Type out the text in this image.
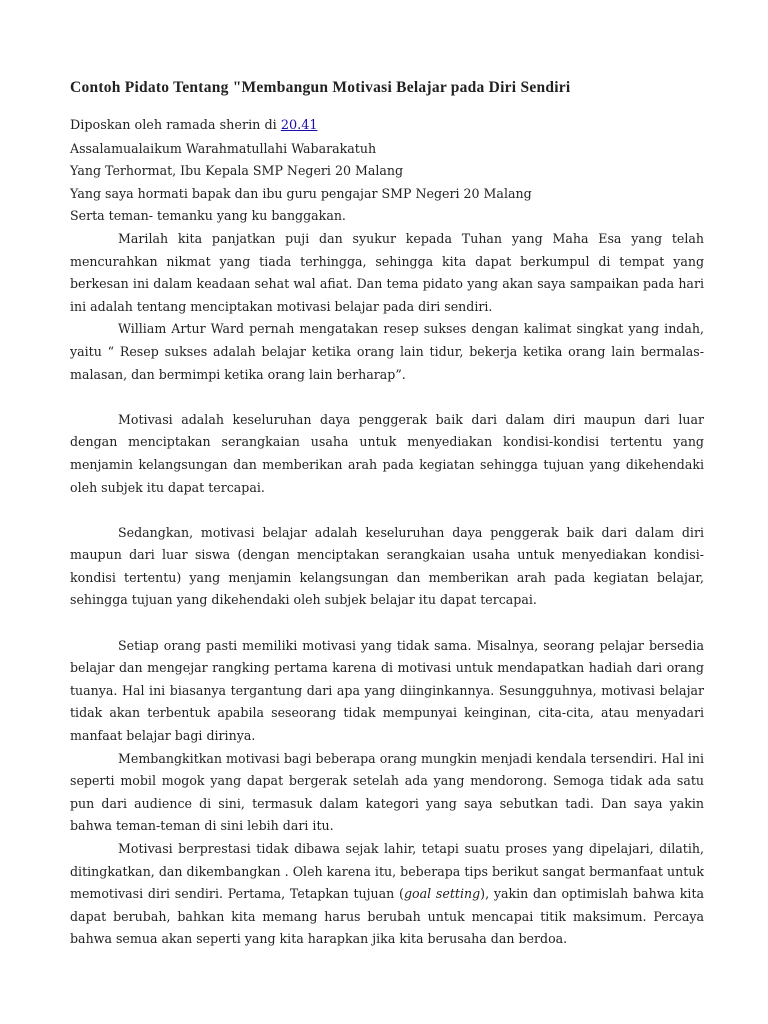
Contoh Pidato Tentang "Membangun Motivasi Belajar pada Diri Sendiri

Diposkan oleh ramada sherin di 20.41

Assalamualaikum Warahmatullahi Wabarakatuh

Yang Terhormat, Ibu Kepala SMP Negeri 20 Malang

Yang saya hormati bapak dan ibu guru pengajar SMP Negeri 20 Malang

Serta teman- temanku yang ku banggakan.

Marilah kita panjatkan puji dan syukur kepada Tuhan yang Maha Esa yang telah mencurahkan nikmat yang tiada terhingga, sehingga kita dapat berkumpul di tempat yang berkesan ini dalam keadaan sehat wal afiat. Dan tema pidato yang akan saya sampaikan pada hari ini adalah tentang menciptakan motivasi belajar pada diri sendiri.

William Artur Ward pernah mengatakan resep sukses dengan kalimat singkat yang indah, yaitu “ Resep sukses adalah belajar ketika orang lain tidur, bekerja ketika orang lain bermalas-malasan, dan bermimpi ketika orang lain berharap”.

Motivasi adalah keseluruhan daya penggerak baik dari dalam diri maupun dari luar dengan menciptakan serangkaian usaha untuk menyediakan kondisi-kondisi tertentu yang menjamin kelangsungan dan memberikan arah pada kegiatan sehingga tujuan yang dikehendaki oleh subjek itu dapat tercapai.

Sedangkan, motivasi belajar adalah keseluruhan daya penggerak baik dari dalam diri maupun dari luar siswa (dengan menciptakan serangkaian usaha untuk menyediakan kondisi-kondisi tertentu) yang menjamin kelangsungan dan memberikan arah pada kegiatan belajar, sehingga tujuan yang dikehendaki oleh subjek belajar itu dapat tercapai.

Setiap orang pasti memiliki motivasi yang tidak sama. Misalnya, seorang pelajar bersedia belajar dan mengejar rangking pertama karena di motivasi untuk mendapatkan hadiah dari orang tuanya. Hal ini biasanya tergantung dari apa yang diinginkannya. Sesungguhnya, motivasi belajar tidak akan terbentuk apabila seseorang tidak mempunyai keinginan, cita-cita, atau menyadari manfaat belajar bagi dirinya.

Membangkitkan motivasi bagi beberapa orang mungkin menjadi kendala tersendiri. Hal ini seperti mobil mogok yang dapat bergerak setelah ada yang mendorong. Semoga tidak ada satu pun dari audience di sini, termasuk dalam kategori yang saya sebutkan tadi. Dan saya yakin bahwa teman-teman di sini lebih dari itu.

Motivasi berprestasi tidak dibawa sejak lahir, tetapi suatu proses yang dipelajari, dilatih, ditingkatkan, dan dikembangkan . Oleh karena itu, beberapa tips berikut sangat bermanfaat untuk memotivasi diri sendiri. Pertama, Tetapkan tujuan (goal setting), yakin dan optimislah bahwa kita dapat berubah, bahkan kita memang harus berubah untuk mencapai titik maksimum. Percaya bahwa semua akan seperti yang kita harapkan jika kita berusaha dan berdoa.
